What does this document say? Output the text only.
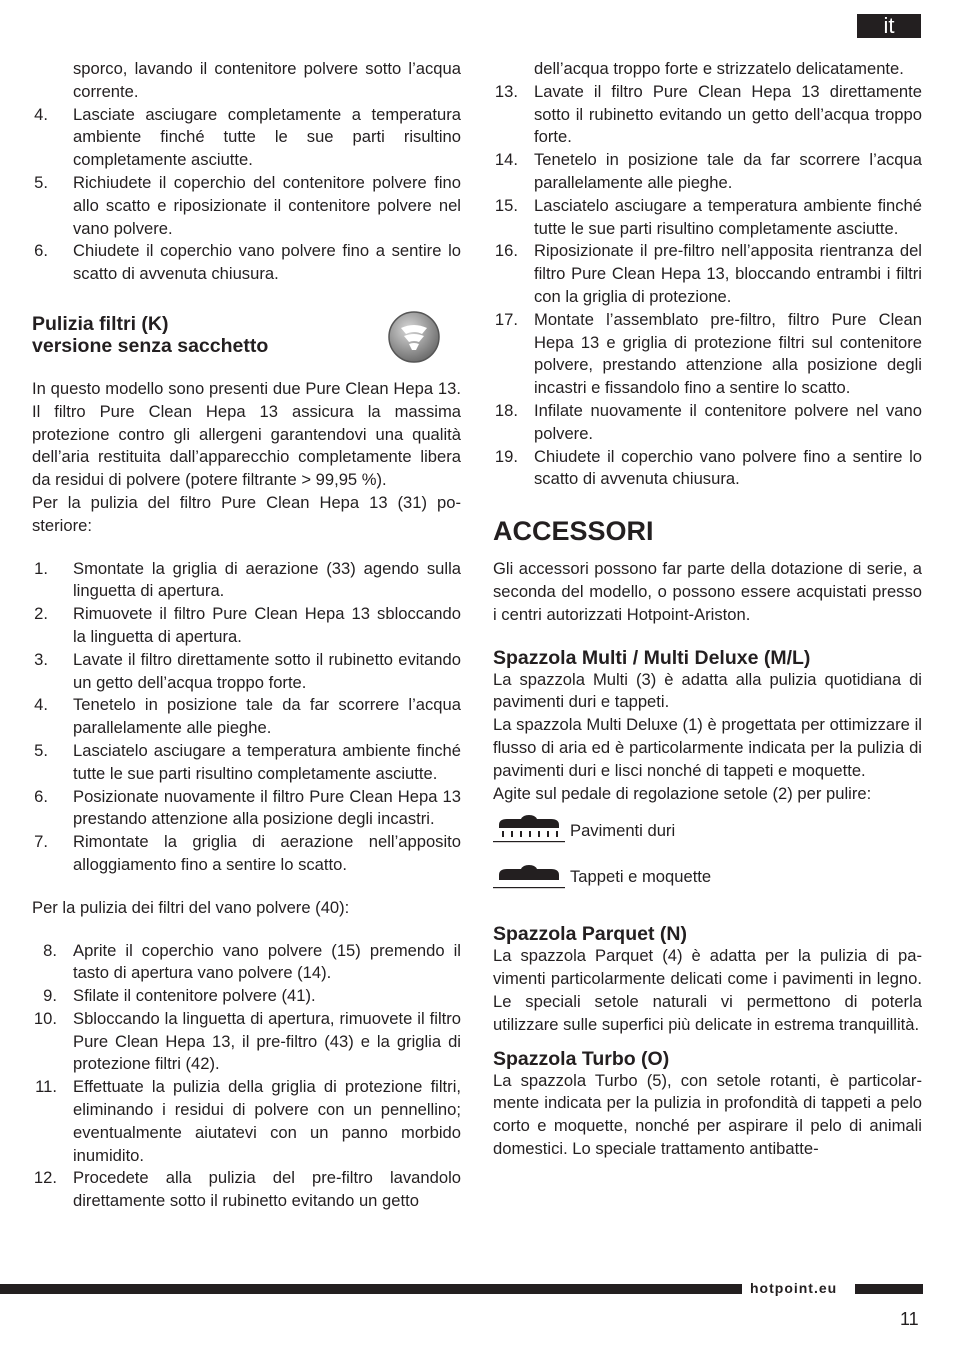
it
sporco, lavando il contenitore polvere sotto l’acqua corrente.
4. Lasciate asciugare completamente a temperatura ambiente finché tutte le sue parti risultino completamente asciutte.
5. Richiudete il coperchio del contenitore polvere fino allo scatto e riposizionate il contenitore polvere nel vano polvere.
6. Chiudete il coperchio vano polvere fino a sentire lo scatto di avvenuta chiusura.
Pulizia filtri (K)
versione senza sacchetto

In questo modello sono presenti due Pure Clean Hepa 13. Il filtro Pure Clean Hepa 13 assicura la massima protezione contro gli allergeni garantendovi una qualità dell’aria restituita dall’apparecchio completamente libera da residui di polvere (potere filtrante > 99,95 %).

Per la pulizia del filtro Pure Clean Hepa 13 (31) posteriore:

1. Smontate la griglia di aerazione (33) agendo sulla linguetta di apertura.
2. Rimuovete il filtro Pure Clean Hepa 13 sbloccando la linguetta di apertura.
3. Lavate il filtro direttamente sotto il rubinetto evitando un getto dell’acqua troppo forte.
4. Tenetelo in posizione tale da far scorrere l’acqua parallelamente alle pieghe.
5. Lasciatelo asciugare a temperatura ambiente finché tutte le sue parti risultino completamente asciutte.
6. Posizionate nuovamente il filtro Pure Clean Hepa 13 prestando attenzione alla posizione degli incastri.
7. Rimontate la griglia di aerazione nell’apposito alloggiamento fino a sentire lo scatto.

Per la pulizia dei filtri del vano polvere (40):

8. Aprite il coperchio vano polvere (15) premendo il tasto di apertura vano polvere (14).
9. Sfilate il contenitore polvere (41).
10. Sbloccando la linguetta di apertura, rimuovete il filtro Pure Clean Hepa 13, il pre-filtro (43) e la griglia di protezione filtri (42).
11. Effettuate la pulizia della griglia di protezione filtri, eliminando i residui di polvere con un pennellino; eventualmente aiutatevi con un panno morbido inumidito.
12. Procedete alla pulizia del pre-filtro lavandolo direttamente sotto il rubinetto evitando un getto
dell’acqua troppo forte e strizzatelo delicatamente.
13. Lavate il filtro Pure Clean Hepa 13 direttamente sotto il rubinetto evitando un getto dell’acqua troppo forte.
14. Tenetelo in posizione tale da far scorrere l’acqua parallelamente alle pieghe.
15. Lasciatelo asciugare a temperatura ambiente finché tutte le sue parti risultino completamente asciutte.
16. Riposizionate il pre-filtro nell’apposita rientranza del filtro Pure Clean Hepa 13, bloccando entrambi i filtri con la griglia di protezione.
17. Montate l’assemblato pre-filtro, filtro Pure Clean Hepa 13 e griglia di protezione filtri sul contenitore polvere, prestando attenzione alla posizione degli incastri e fissandolo fino a sentire lo scatto.
18. Infilate nuovamente il contenitore polvere nel vano polvere.
19. Chiudete il coperchio vano polvere fino a sentire lo scatto di avvenuta chiusura.
ACCESSORI

Gli accessori possono far parte della dotazione di serie, a seconda del modello, o possono essere acquistati presso i centri autorizzati Hotpoint-Ariston.

Spazzola Multi / Multi Deluxe (M/L)

La spazzola Multi (3) è adatta alla pulizia quotidiana di pavimenti duri e tappeti.

La spazzola Multi Deluxe (1) è progettata per ottimizzare il flusso di aria ed è particolarmente indicata per la pulizia di pavimenti duri e lisci nonché di tappeti e moquette.

Agite sul pedale di regolazione setole (2) per pulire:

Pavimenti duri
Tappeti e moquette
Spazzola Parquet (N)

La spazzola Parquet (4) è adatta per la pulizia di pavimenti particolarmente delicati come i pavimenti in legno. Le speciali setole naturali vi permettono di poterla utilizzare sulle superfici più delicate in estrema tranquillità.

Spazzola Turbo (O)

La spazzola Turbo (5), con setole rotanti, è particolarmente indicata per la pulizia in profondità di tappeti a pelo corto e moquette, nonché per aspirare il pelo di animali domestici. Lo speciale trattamento antibatte-

hotpoint.eu
11
